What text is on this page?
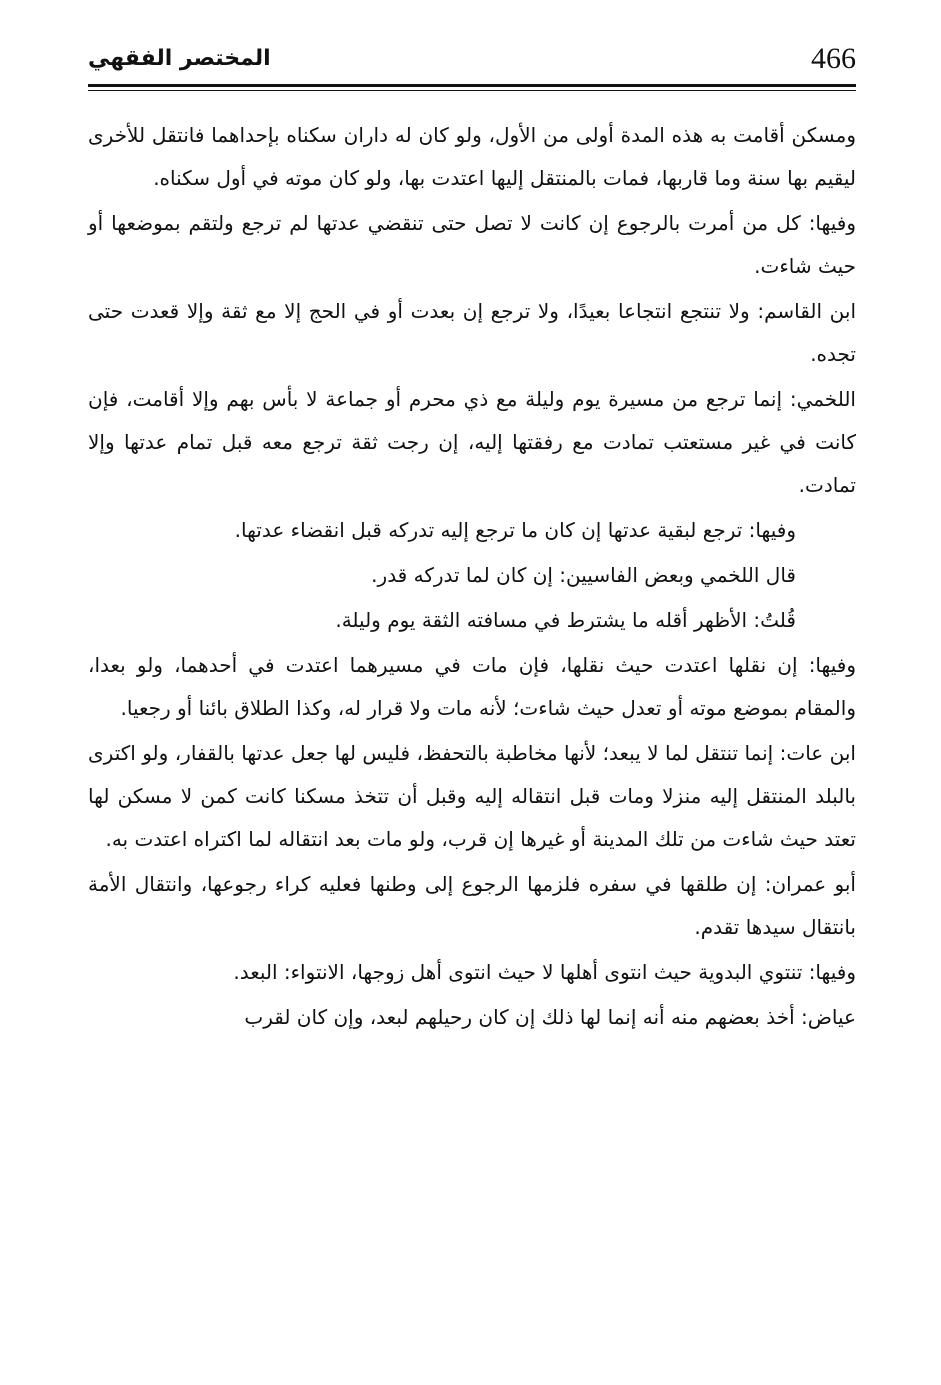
466
المختصر الفقهي

ومسكن أقامت به هذه المدة أولى من الأول، ولو كان له داران سكناه بإحداهما فانتقل للأخرى ليقيم بها سنة وما قاربها، فمات بالمنتقل إليها اعتدت بها، ولو كان موته في أول سكناه.

وفيها: كل من أمرت بالرجوع إن كانت لا تصل حتى تنقضي عدتها لم ترجع ولتقم بموضعها أو حيث شاءت.

ابن القاسم: ولا تنتجع انتجاعا بعيدًا، ولا ترجع إن بعدت أو في الحج إلا مع ثقة وإلا قعدت حتى تجده.

اللخمي: إنما ترجع من مسيرة يوم وليلة مع ذي محرم أو جماعة لا بأس بهم وإلا أقامت، فإن كانت في غير مستعتب تمادت مع رفقتها إليه، إن رجت ثقة ترجع معه قبل تمام عدتها وإلا تمادت.

وفيها: ترجع لبقية عدتها إن كان ما ترجع إليه تدركه قبل انقضاء عدتها.

قال اللخمي وبعض الفاسيين: إن كان لما تدركه قدر.

قُلتُ: الأظهر أقله ما يشترط في مسافته الثقة يوم وليلة.

وفيها: إن نقلها اعتدت حيث نقلها، فإن مات في مسيرهما اعتدت في أحدهما، ولو بعدا، والمقام بموضع موته أو تعدل حيث شاءت؛ لأنه مات ولا قرار له، وكذا الطلاق بائنا أو رجعيا.

ابن عات: إنما تنتقل لما لا يبعد؛ لأنها مخاطبة بالتحفظ، فليس لها جعل عدتها بالقفار، ولو اكترى بالبلد المنتقل إليه منزلا ومات قبل انتقاله إليه وقبل أن تتخذ مسكنا كانت كمن لا مسكن لها تعتد حيث شاءت من تلك المدينة أو غيرها إن قرب، ولو مات بعد انتقاله لما اكتراه اعتدت به.

أبو عمران: إن طلقها في سفره فلزمها الرجوع إلى وطنها فعليه كراء رجوعها، وانتقال الأمة بانتقال سيدها تقدم.

وفيها: تنتوي البدوية حيث انتوى أهلها لا حيث انتوى أهل زوجها، الانتواء: البعد.

عياض: أخذ بعضهم منه أنه إنما لها ذلك إن كان رحيلهم لبعد، وإن كان لقرب
